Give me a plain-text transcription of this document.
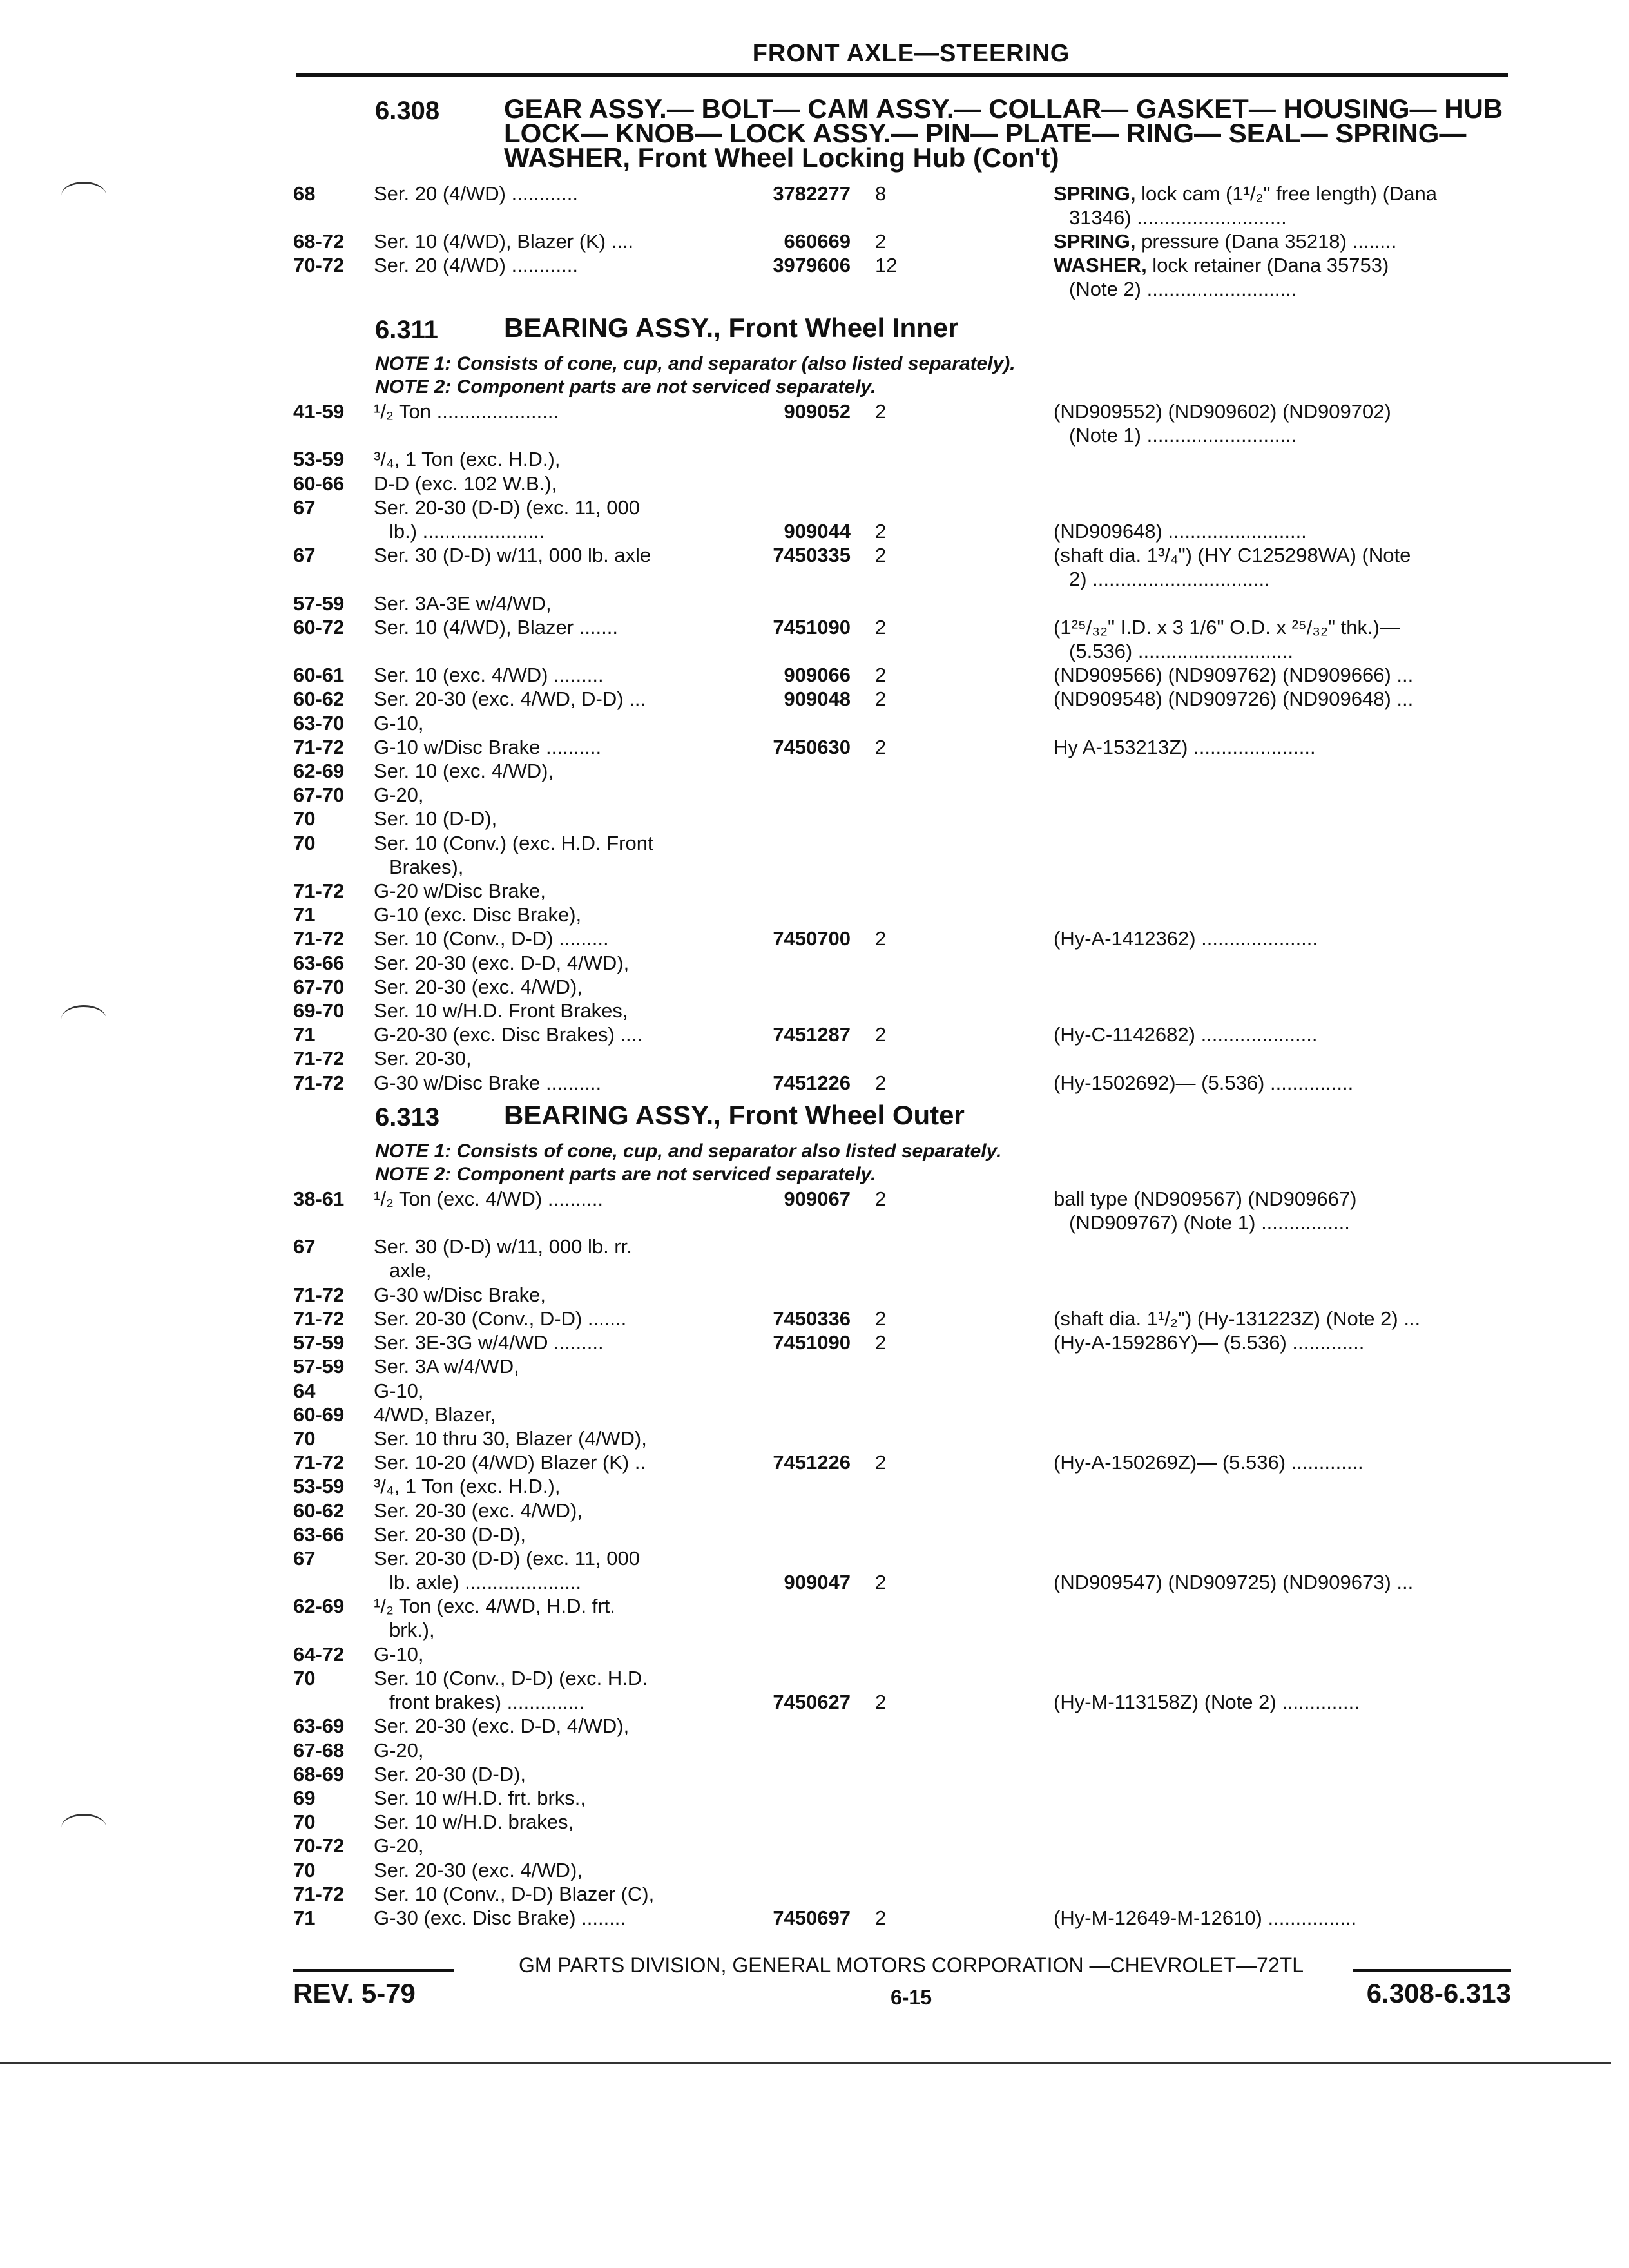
FRONT AXLE—STEERING
6.308 GEAR ASSY.— BOLT— CAM ASSY.— COLLAR— GASKET— HOUSING— HUB LOCK— KNOB— LOCK ASSY.— PIN— PLATE— RING— SEAL— SPRING— WASHER, Front Wheel Locking Hub (Con't)
68	Ser. 20 (4/WD) ............	3782277 8	SPRING, lock cam (1¹/₂" free length) (Dana
31346) ...........................
68-72	Ser. 10 (4/WD), Blazer (K) ....	660669 2	SPRING, pressure (Dana 35218) ........
70-72	Ser. 20 (4/WD) ............	3979606 12	WASHER, lock retainer (Dana 35753)
(Note 2) ...........................
6.311 BEARING ASSY., Front Wheel Inner
NOTE 1: Consists of cone, cup, and separator (also listed separately).
NOTE 2: Component parts are not serviced separately.
41-59	¹/₂ Ton ......................	909052 2	(ND909552) (ND909602) (ND909702)
(Note 1) ...........................
53-59	³/₄, 1 Ton (exc. H.D.),
60-66	D-D (exc. 102 W.B.),
67	Ser. 20-30 (D-D) (exc. 11, 000
lb.) ......................	909044 2	(ND909648) .........................
67	Ser. 30 (D-D) w/11, 000 lb. axle	7450335 2	(shaft dia. 1³/₄") (HY C125298WA) (Note
2) ................................
57-59	Ser. 3A-3E w/4/WD,
60-72	Ser. 10 (4/WD), Blazer .......	7451090 2	(1²⁵/₃₂" I.D. x 3 1/6" O.D. x ²⁵/₃₂" thk.)—
(5.536) ............................
60-61	Ser. 10 (exc. 4/WD) .........	909066 2	(ND909566) (ND909762) (ND909666) ...
60-62	Ser. 20-30 (exc. 4/WD, D-D) ...	909048 2	(ND909548) (ND909726) (ND909648) ...
63-70	G-10,
71-72	G-10 w/Disc Brake ..........	7450630 2	Hy A-153213Z) ......................
62-69	Ser. 10 (exc. 4/WD),
67-70	G-20,
70	Ser. 10 (D-D),
70	Ser. 10 (Conv.) (exc. H.D. Front
Brakes),
71-72	G-20 w/Disc Brake,
71	G-10 (exc. Disc Brake),
71-72	Ser. 10 (Conv., D-D) .........	7450700 2	(Hy-A-1412362) .....................
63-66	Ser. 20-30 (exc. D-D, 4/WD),
67-70	Ser. 20-30 (exc. 4/WD),
69-70	Ser. 10 w/H.D. Front Brakes,
71	G-20-30 (exc. Disc Brakes) ....	7451287 2	(Hy-C-1142682) .....................
71-72	Ser. 20-30,
71-72	G-30 w/Disc Brake ..........	7451226 2	(Hy-1502692)— (5.536) ...............
6.313 BEARING ASSY., Front Wheel Outer
NOTE 1: Consists of cone, cup, and separator also listed separately.
NOTE 2: Component parts are not serviced separately.
38-61	¹/₂ Ton (exc. 4/WD) ..........	909067 2	ball type (ND909567) (ND909667)
(ND909767) (Note 1) ................
67	Ser. 30 (D-D) w/11, 000 lb. rr.
axle,
71-72	G-30 w/Disc Brake,
71-72	Ser. 20-30 (Conv., D-D) .......	7450336 2	(shaft dia. 1¹/₂") (Hy-131223Z) (Note 2) ...
57-59	Ser. 3E-3G w/4/WD .........	7451090 2	(Hy-A-159286Y)— (5.536) .............
57-59	Ser. 3A w/4/WD,
64	G-10,
60-69	4/WD, Blazer,
70	Ser. 10 thru 30, Blazer (4/WD),
71-72	Ser. 10-20 (4/WD) Blazer (K) ..	7451226 2	(Hy-A-150269Z)— (5.536) .............
53-59	³/₄, 1 Ton (exc. H.D.),
60-62	Ser. 20-30 (exc. 4/WD),
63-66	Ser. 20-30 (D-D),
67	Ser. 20-30 (D-D) (exc. 11, 000
lb. axle) .....................	909047 2	(ND909547) (ND909725) (ND909673) ...
62-69	¹/₂ Ton (exc. 4/WD, H.D. frt.
brk.),
64-72	G-10,
70	Ser. 10 (Conv., D-D) (exc. H.D.
front brakes) ..............	7450627 2	(Hy-M-113158Z) (Note 2) ..............
63-69	Ser. 20-30 (exc. D-D, 4/WD),
67-68	G-20,
68-69	Ser. 20-30 (D-D),
69	Ser. 10 w/H.D. frt. brks.,
70	Ser. 10 w/H.D. brakes,
70-72	G-20,
70	Ser. 20-30 (exc. 4/WD),
71-72	Ser. 10 (Conv., D-D) Blazer (C),
71	G-30 (exc. Disc Brake) ........	7450697 2	(Hy-M-12649-M-12610) ................
GM PARTS DIVISION, GENERAL MOTORS CORPORATION —CHEVROLET—72TL
REV. 5-79	6-15	6.308-6.313
